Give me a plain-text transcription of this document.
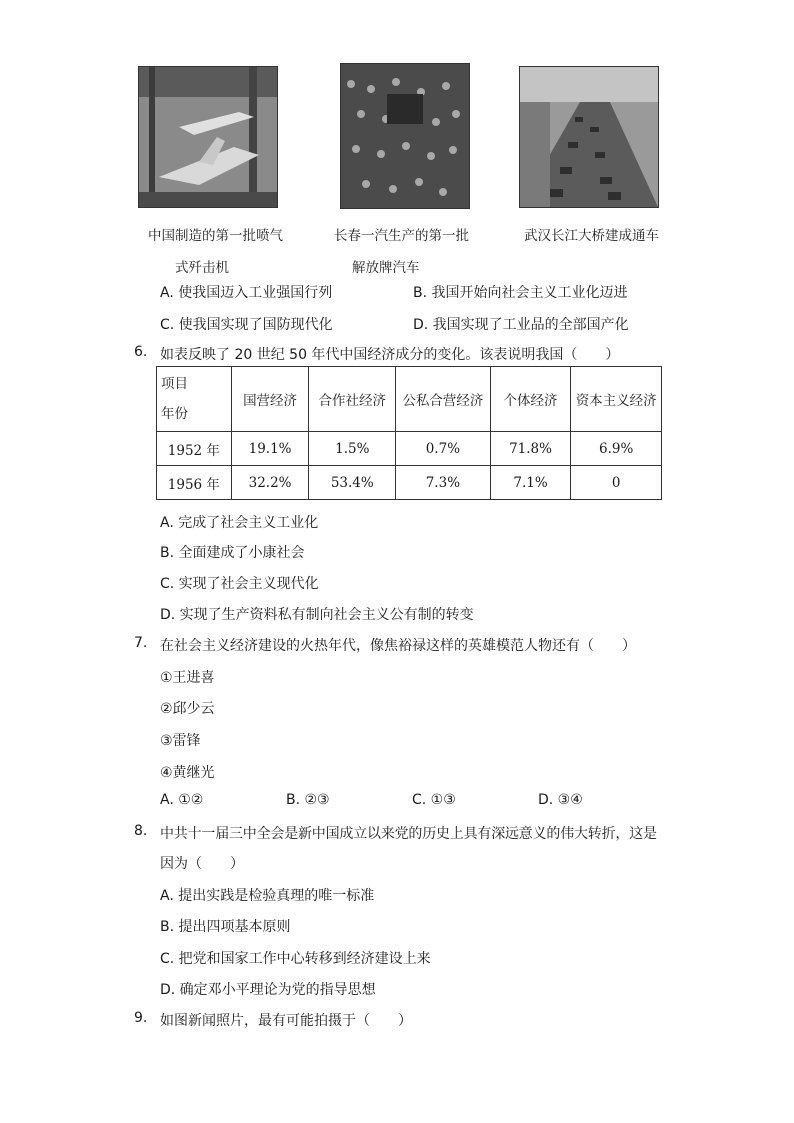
中国制造的第一批喷气
式歼击机
长春一汽生产的第一批
解放牌汽车
武汉长江大桥建成通车
A. 使我国迈入工业强国行列	B. 我国开始向社会主义工业化迈进
C. 使我国实现了国防现代化	D. 我国实现了工业品的全部国产化
6. 如表反映了 20 世纪 50 年代中国经济成分的变化。该表说明我国（　　）
项目
年份	国营经济	合作社经济	公私合营经济	个体经济	资本主义经济
1952 年	19.1%	1.5%	0.7%	71.8%	6.9%
1956 年	32.2%	53.4%	7.3%	7.1%	0
A. 完成了社会主义工业化
B. 全面建成了小康社会
C. 实现了社会主义现代化
D. 实现了生产资料私有制向社会主义公有制的转变
7. 在社会主义经济建设的火热年代，像焦裕禄这样的英雄模范人物还有（　　）
①王进喜
②邱少云
③雷锋
④黄继光
A. ①②	B. ②③	C. ①③	D. ③④
8. 中共十一届三中全会是新中国成立以来党的历史上具有深远意义的伟大转折，这是
因为（　　）
A. 提出实践是检验真理的唯一标准
B. 提出四项基本原则
C. 把党和国家工作中心转移到经济建设上来
D. 确定邓小平理论为党的指导思想
9. 如图新闻照片，最有可能拍摄于（　　）
